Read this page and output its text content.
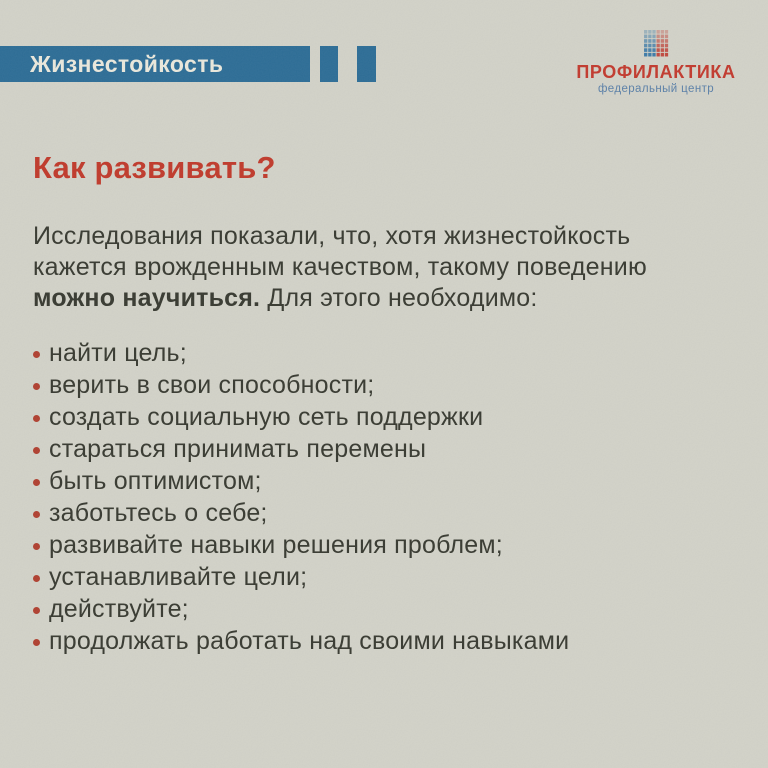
Жизнестойкость	ПРОФИЛАКТИКА
федеральный центр
Как развивать?

Исследования показали, что, хотя жизнестойкость
кажется врожденным качеством, такому поведению
можно научиться. Для этого необходимо:

найти цель;
верить в свои способности;
создать социальную сеть поддержки
стараться принимать перемены
быть оптимистом;
заботьтесь о себе;
развивайте навыки решения проблем;
устанавливайте цели;
действуйте;
продолжать работать над своими навыками
